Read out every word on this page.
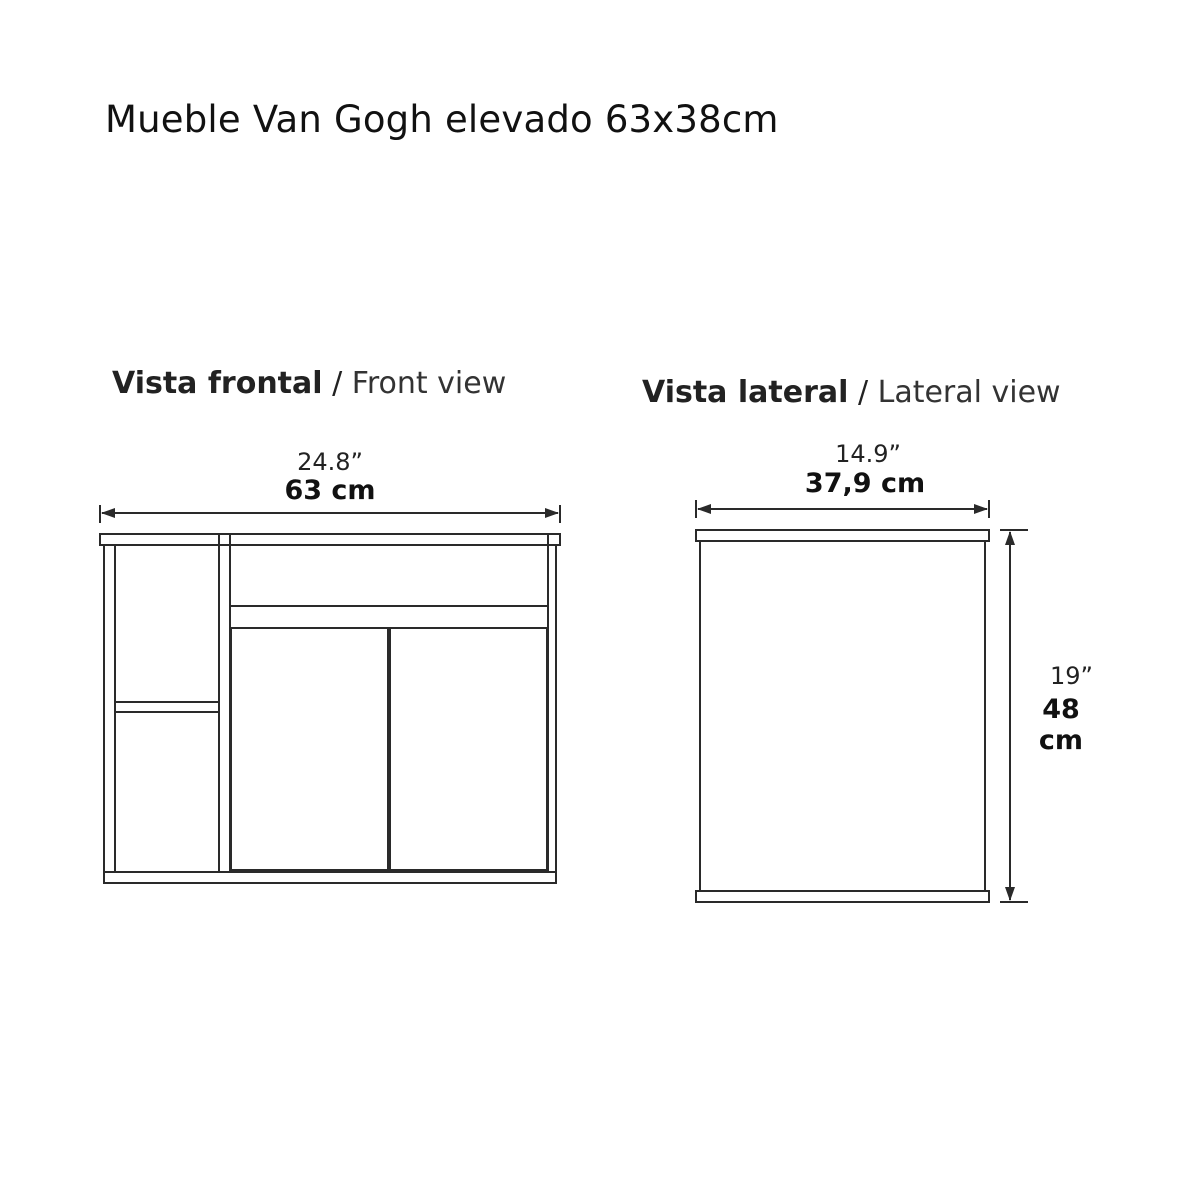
Mueble Van Gogh elevado 63x38cm
Vista frontal / Front view	Vista lateral / Lateral view
24.8”
63 cm
14.9”
37,9 cm
19”
48 cm
